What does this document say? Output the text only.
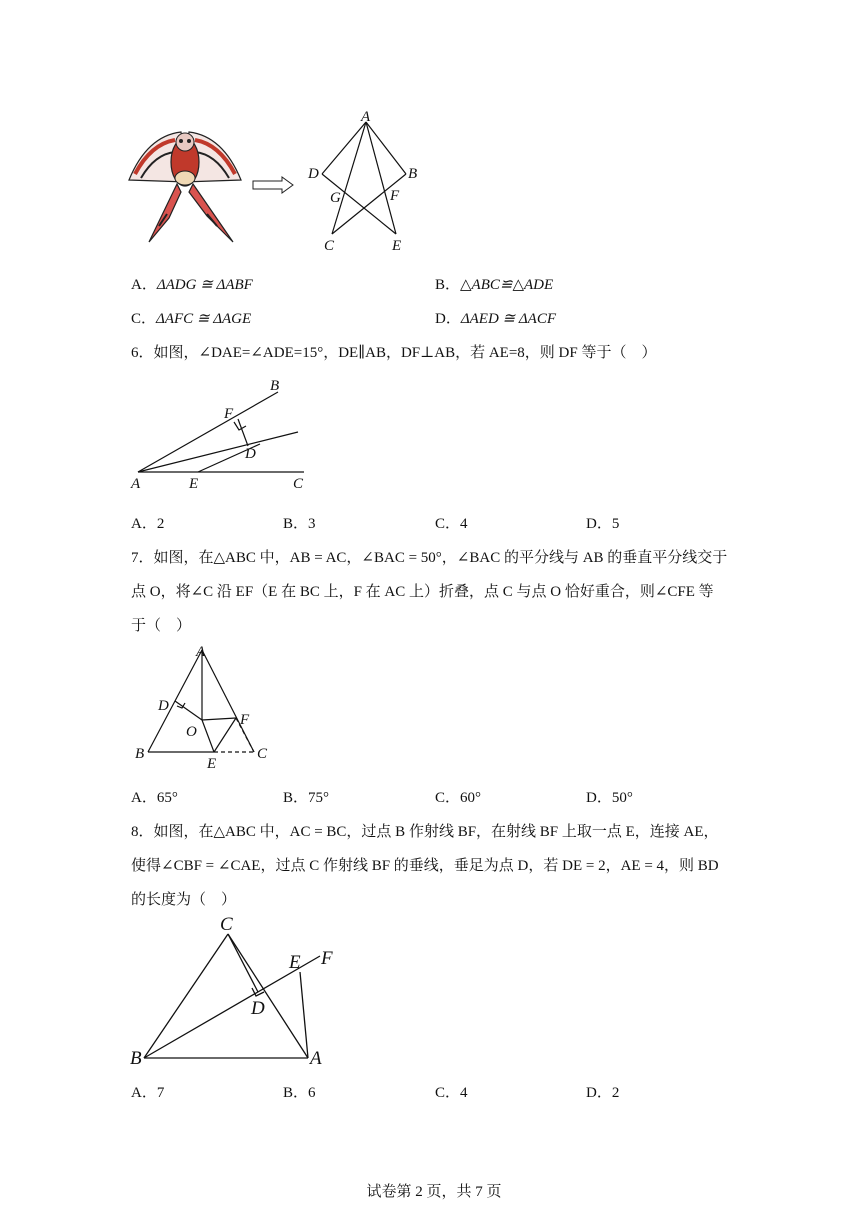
A
D	B
G	F
C	E
A．ΔADG ≅ ΔABF	B．△ABC≌△ADE
C．ΔAFC ≅ ΔAGE	D．ΔAED ≅ ΔACF
6．如图，∠DAE=∠ADE=15°，DE∥AB，DF⊥AB，若 AE=8，则 DF 等于（　）
B
F
D
A	E	C
A．2	B．3	C．4	D．5
7．如图，在△ABC 中，AB = AC，∠BAC = 50°，∠BAC 的平分线与 AB 的垂直平分线交于
点 O，将∠C 沿 EF（E 在 BC 上，F 在 AC 上）折叠，点 C 与点 O 恰好重合，则∠CFE 等
于（　）
A
D
F
O
B	C
E
A．65°	B．75°	C．60°	D．50°
8．如图，在△ABC 中，AC = BC，过点 B 作射线 BF，在射线 BF 上取一点 E，连接 AE，
使得∠CBF = ∠CAE，过点 C 作射线 BF 的垂线，垂足为点 D，若 DE = 2，AE = 4，则 BD
的长度为（　）
C
E F
D
B	A
A．7	B．6	C．4	D．2
试卷第 2 页，共 7 页
